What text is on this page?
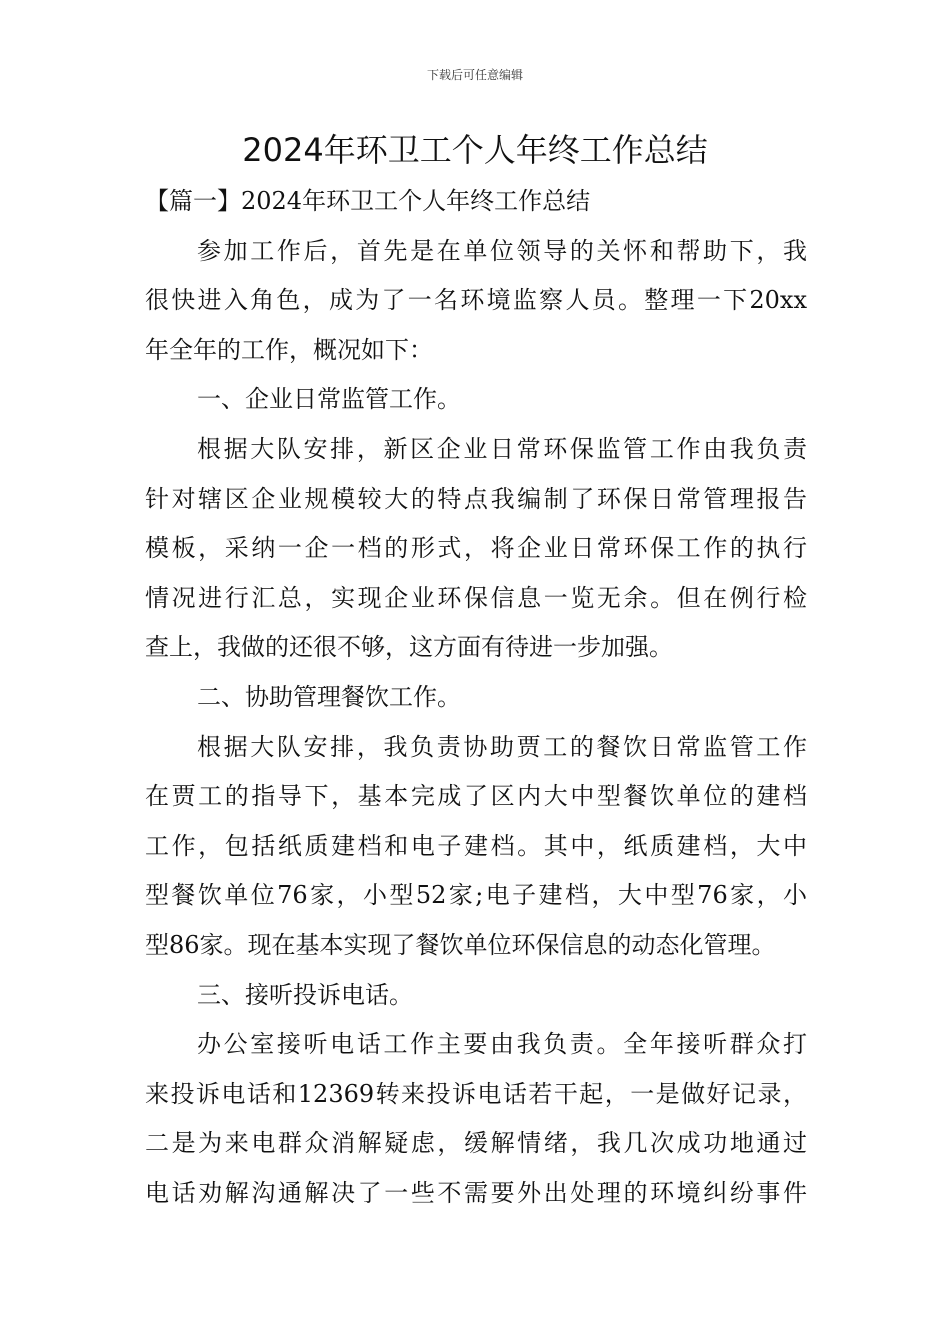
下载后可任意编辑
2024年环卫工个人年终工作总结
【篇一】2024年环卫工个人年终工作总结
参加工作后，首先是在单位领导的关怀和帮助下，我
很快进入角色，成为了一名环境监察人员。整理一下20xx
年全年的工作，概况如下：
一、企业日常监管工作。
根据大队安排，新区企业日常环保监管工作由我负责
针对辖区企业规模较大的特点我编制了环保日常管理报告
模板，采纳一企一档的形式，将企业日常环保工作的执行
情况进行汇总，实现企业环保信息一览无余。但在例行检
查上，我做的还很不够，这方面有待进一步加强。
二、协助管理餐饮工作。
根据大队安排，我负责协助贾工的餐饮日常监管工作
在贾工的指导下，基本完成了区内大中型餐饮单位的建档
工作，包括纸质建档和电子建档。其中，纸质建档，大中
型餐饮单位76家，小型52家;电子建档，大中型76家，小
型86家。现在基本实现了餐饮单位环保信息的动态化管理。
三、接听投诉电话。
办公室接听电话工作主要由我负责。全年接听群众打
来投诉电话和12369转来投诉电话若干起，一是做好记录，
二是为来电群众消解疑虑，缓解情绪，我几次成功地通过
电话劝解沟通解决了一些不需要外出处理的环境纠纷事件
